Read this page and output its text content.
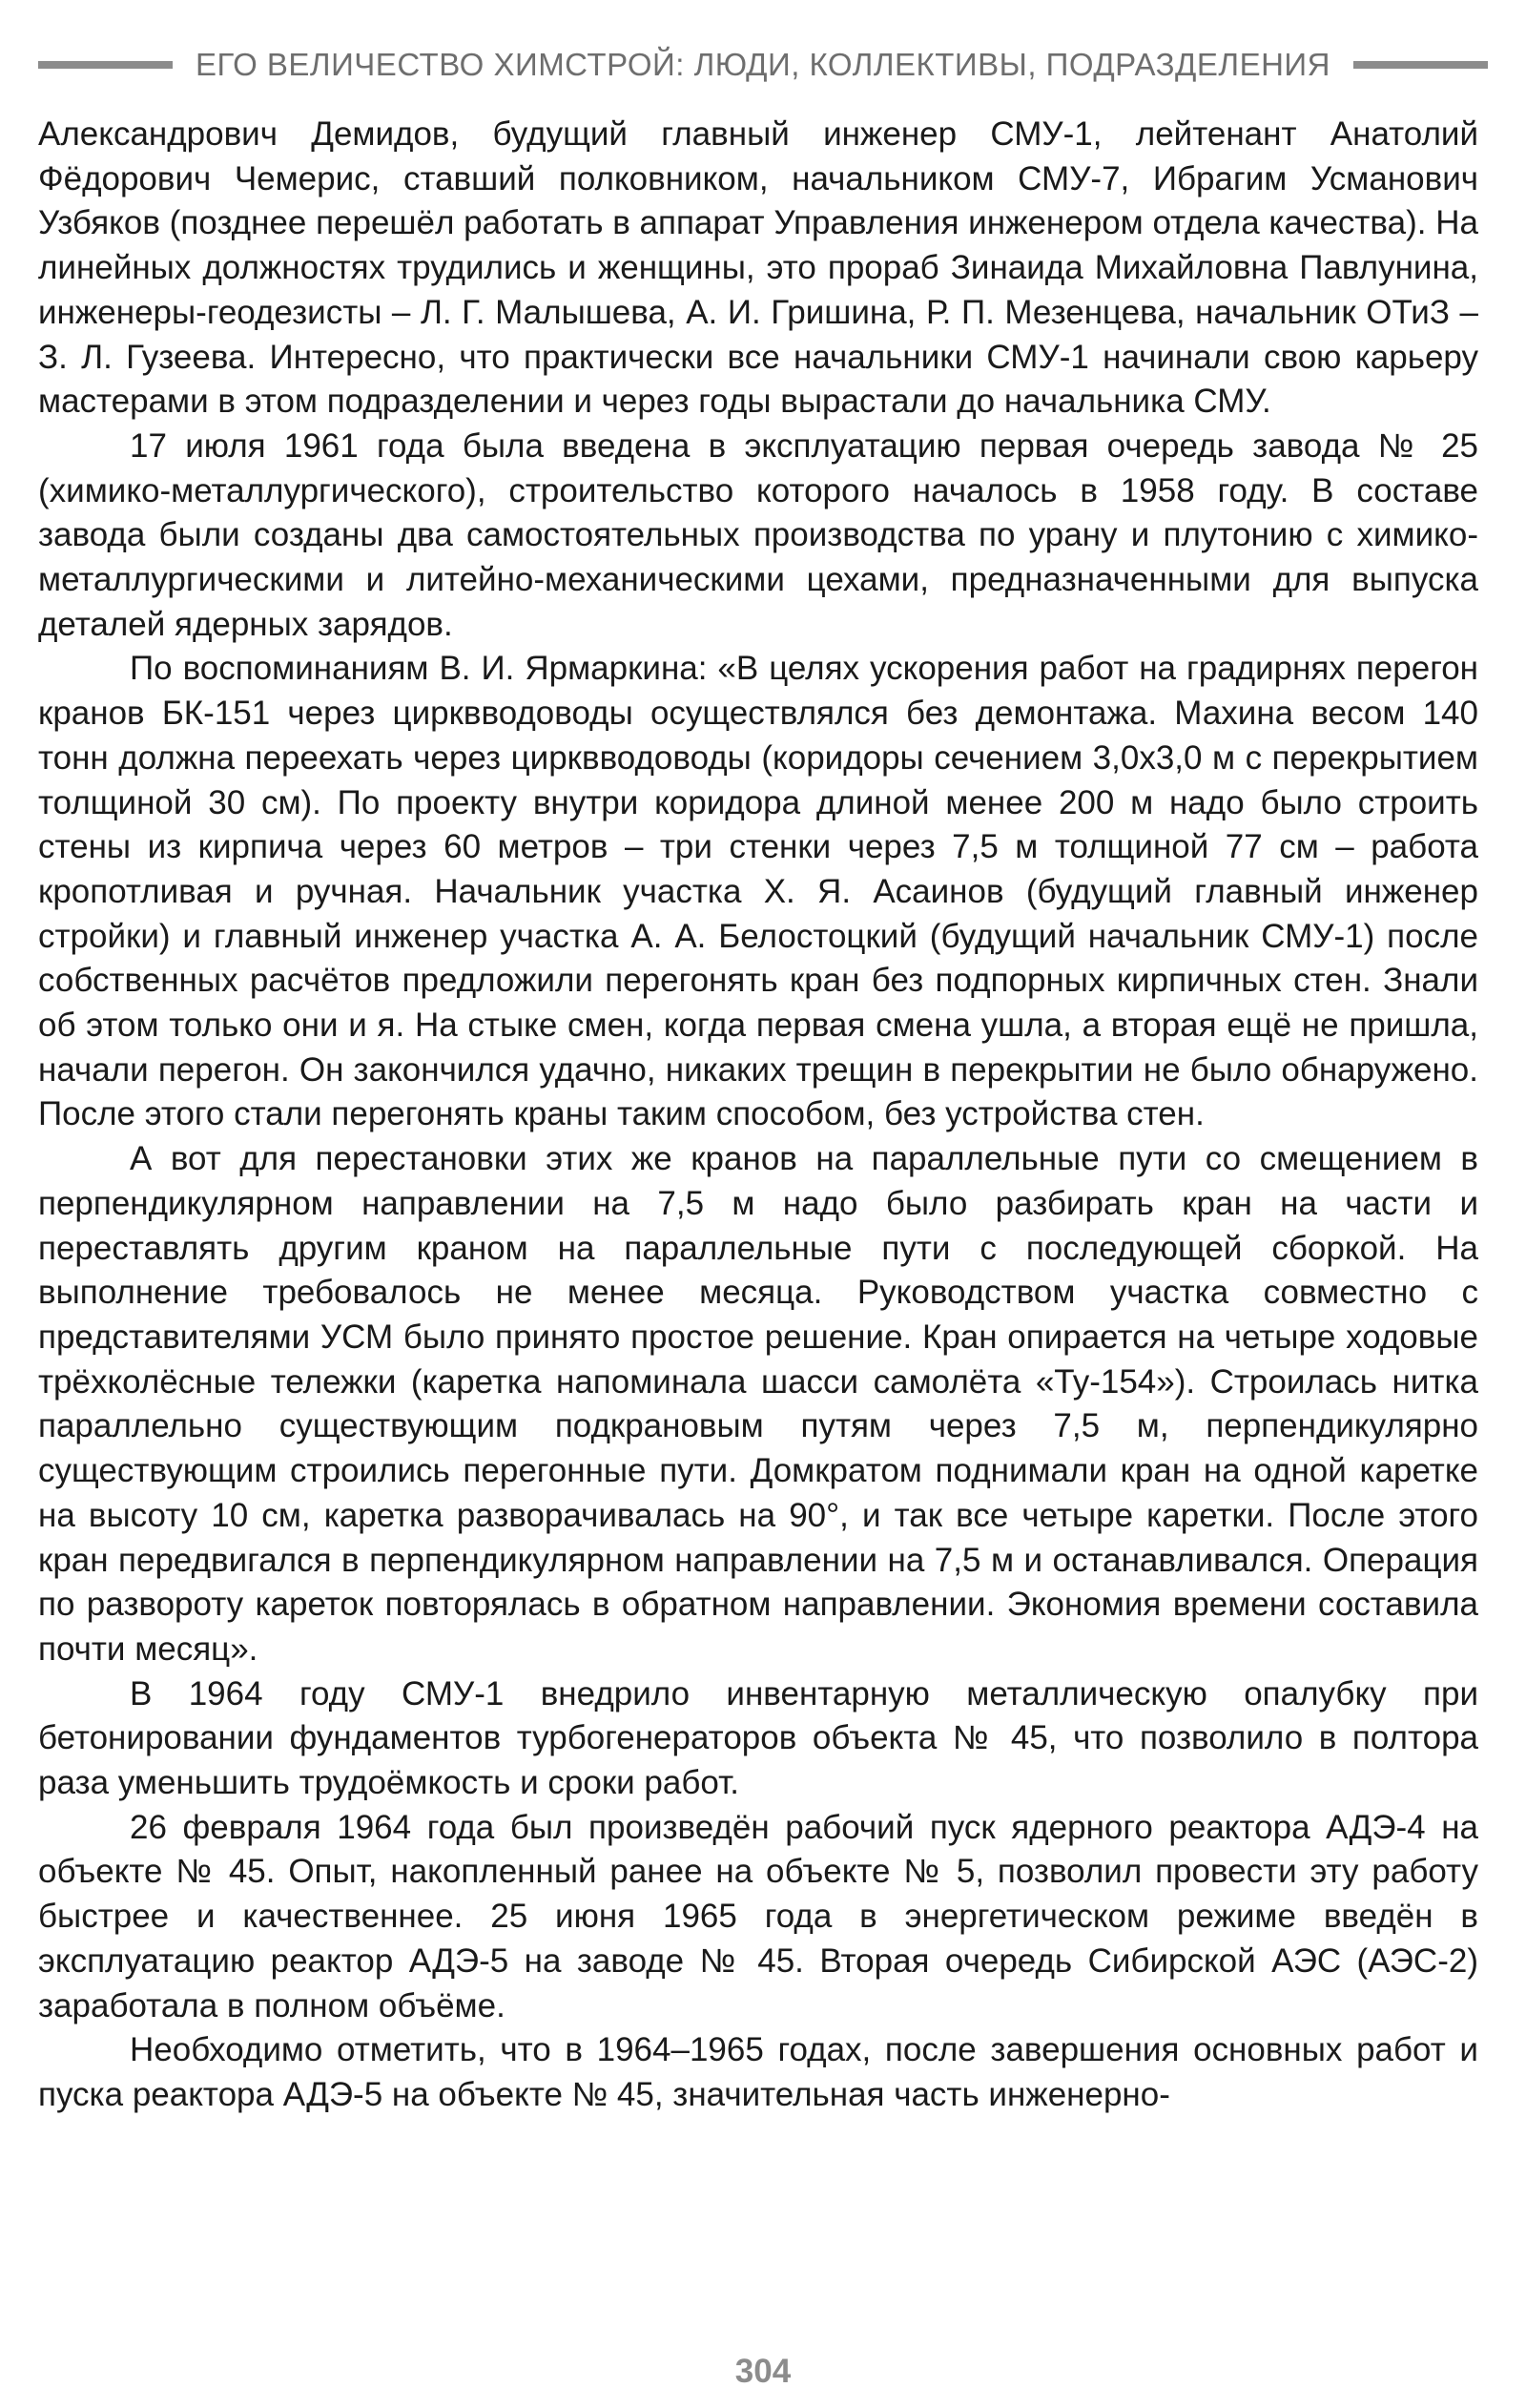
ЕГО ВЕЛИЧЕСТВО ХИМСТРОЙ: ЛЮДИ, КОЛЛЕКТИВЫ, ПОДРАЗДЕЛЕНИЯ

Александрович Демидов, будущий главный инженер СМУ-1, лейтенант Анатолий Фёдорович Чемерис, ставший полковником, начальником СМУ-7, Ибрагим Усманович Узбяков (позднее перешёл работать в аппарат Управления инженером отдела качества). На линейных должностях трудились и женщины, это прораб Зинаида Михайловна Павлунина, инженеры-геодезисты – Л. Г. Малышева, А. И. Гришина, Р. П. Мезенцева, начальник ОТиЗ – З. Л. Гузеева. Интересно, что практически все начальники СМУ-1 начинали свою карьеру мастерами в этом подразделении и через годы вырастали до начальника СМУ.

17 июля 1961 года была введена в эксплуатацию первая очередь завода № 25 (химико-металлургического), строительство которого началось в 1958 году. В составе завода были созданы два самостоятельных производства по урану и плутонию с химико-металлургическими и литейно-механическими цехами, предназначенными для выпуска деталей ядерных зарядов.

По воспоминаниям В. И. Ярмаркина: «В целях ускорения работ на градирнях перегон кранов БК-151 через цирквводоводы осуществлялся без демонтажа. Махина весом 140 тонн должна переехать через цирквводоводы (коридоры сечением 3,0х3,0 м с перекрытием толщиной 30 см). По проекту внутри коридора длиной менее 200 м надо было строить стены из кирпича через 60 метров – три стенки через 7,5 м толщиной 77 см – работа кропотливая и ручная. Начальник участка Х. Я. Асаинов (будущий главный инженер стройки) и главный инженер участка А. А. Белостоцкий (будущий начальник СМУ-1) после собственных расчётов предложили перегонять кран без подпорных кирпичных стен. Знали об этом только они и я. На стыке смен, когда первая смена ушла, а вторая ещё не пришла, начали перегон. Он закончился удачно, никаких трещин в перекрытии не было обнаружено. После этого стали перегонять краны таким способом, без устройства стен.

А вот для перестановки этих же кранов на параллельные пути со смещением в перпендикулярном направлении на 7,5 м надо было разбирать кран на части и переставлять другим краном на параллельные пути с последующей сборкой. На выполнение требовалось не менее месяца. Руководством участка совместно с представителями УСМ было принято простое решение. Кран опирается на четыре ходовые трёхколёсные тележки (каретка напоминала шасси самолёта «Ту-154»). Строилась нитка параллельно существующим подкрановым путям через 7,5 м, перпендикулярно существующим строились перегонные пути. Домкратом поднимали кран на одной каретке на высоту 10 см, каретка разворачивалась на 90°, и так все четыре каретки. После этого кран передвигался в перпендикулярном направлении на 7,5 м и останавливался. Операция по развороту кареток повторялась в обратном направлении. Экономия времени составила почти месяц».

В 1964 году СМУ-1 внедрило инвентарную металлическую опалубку при бетонировании фундаментов турбогенераторов объекта № 45, что позволило в полтора раза уменьшить трудоёмкость и сроки работ.

26 февраля 1964 года был произведён рабочий пуск ядерного реактора АДЭ-4 на объекте № 45. Опыт, накопленный ранее на объекте № 5, позволил провести эту работу быстрее и качественнее. 25 июня 1965 года в энергетическом режиме введён в эксплуатацию реактор АДЭ-5 на заводе № 45. Вторая очередь Сибирской АЭС (АЭС-2) заработала в полном объёме.

Необходимо отметить, что в 1964–1965 годах, после завершения основных работ и пуска реактора АДЭ-5 на объекте № 45, значительная часть инженерно-

304
